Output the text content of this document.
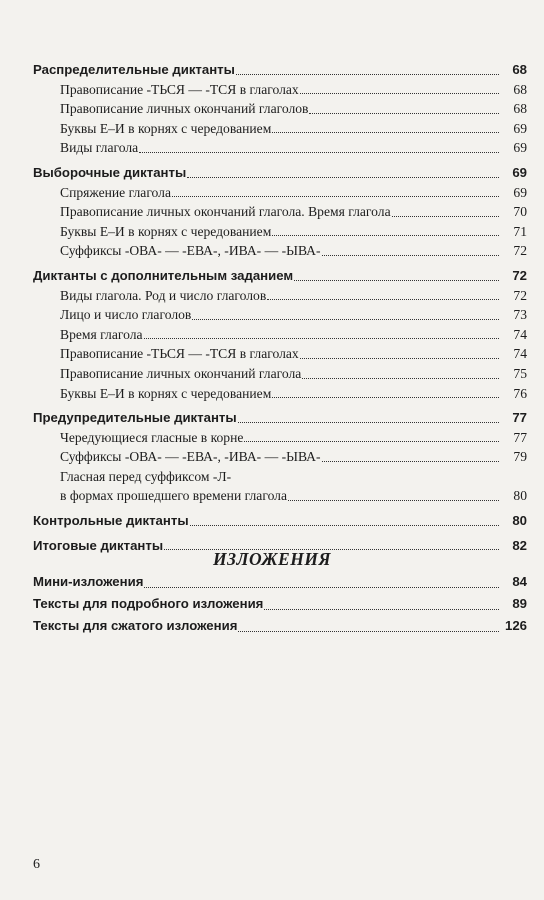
Распределительные диктанты	68
Правописание -ТЬСЯ — -ТСЯ в глаголах	68
Правописание личных окончаний глаголов	68
Буквы Е–И в корнях с чередованием	69
Виды глагола	69
Выборочные диктанты	69
Спряжение глагола	69
Правописание личных окончаний глагола. Время глагола	70
Буквы Е–И в корнях с чередованием	71
Суффиксы -ОВА- — -ЕВА-, -ИВА- — -ЫВА-	72
Диктанты с дополнительным заданием	72
Виды глагола. Род и число глаголов	72
Лицо и число глаголов	73
Время глагола	74
Правописание -ТЬСЯ — -ТСЯ в глаголах	74
Правописание личных окончаний глагола	75
Буквы Е–И в корнях с чередованием	76
Предупредительные диктанты	77
Чередующиеся гласные в корне	77
Суффиксы -ОВА- — -ЕВА-, -ИВА- — -ЫВА-	79
Гласная перед суффиксом -Л-
в формах прошедшего времени глагола	80
Контрольные диктанты	80
Итоговые диктанты	82
ИЗЛОЖЕНИЯ
Мини-изложения	84
Тексты для подробного изложения	89
Тексты для сжатого изложения	126
6
